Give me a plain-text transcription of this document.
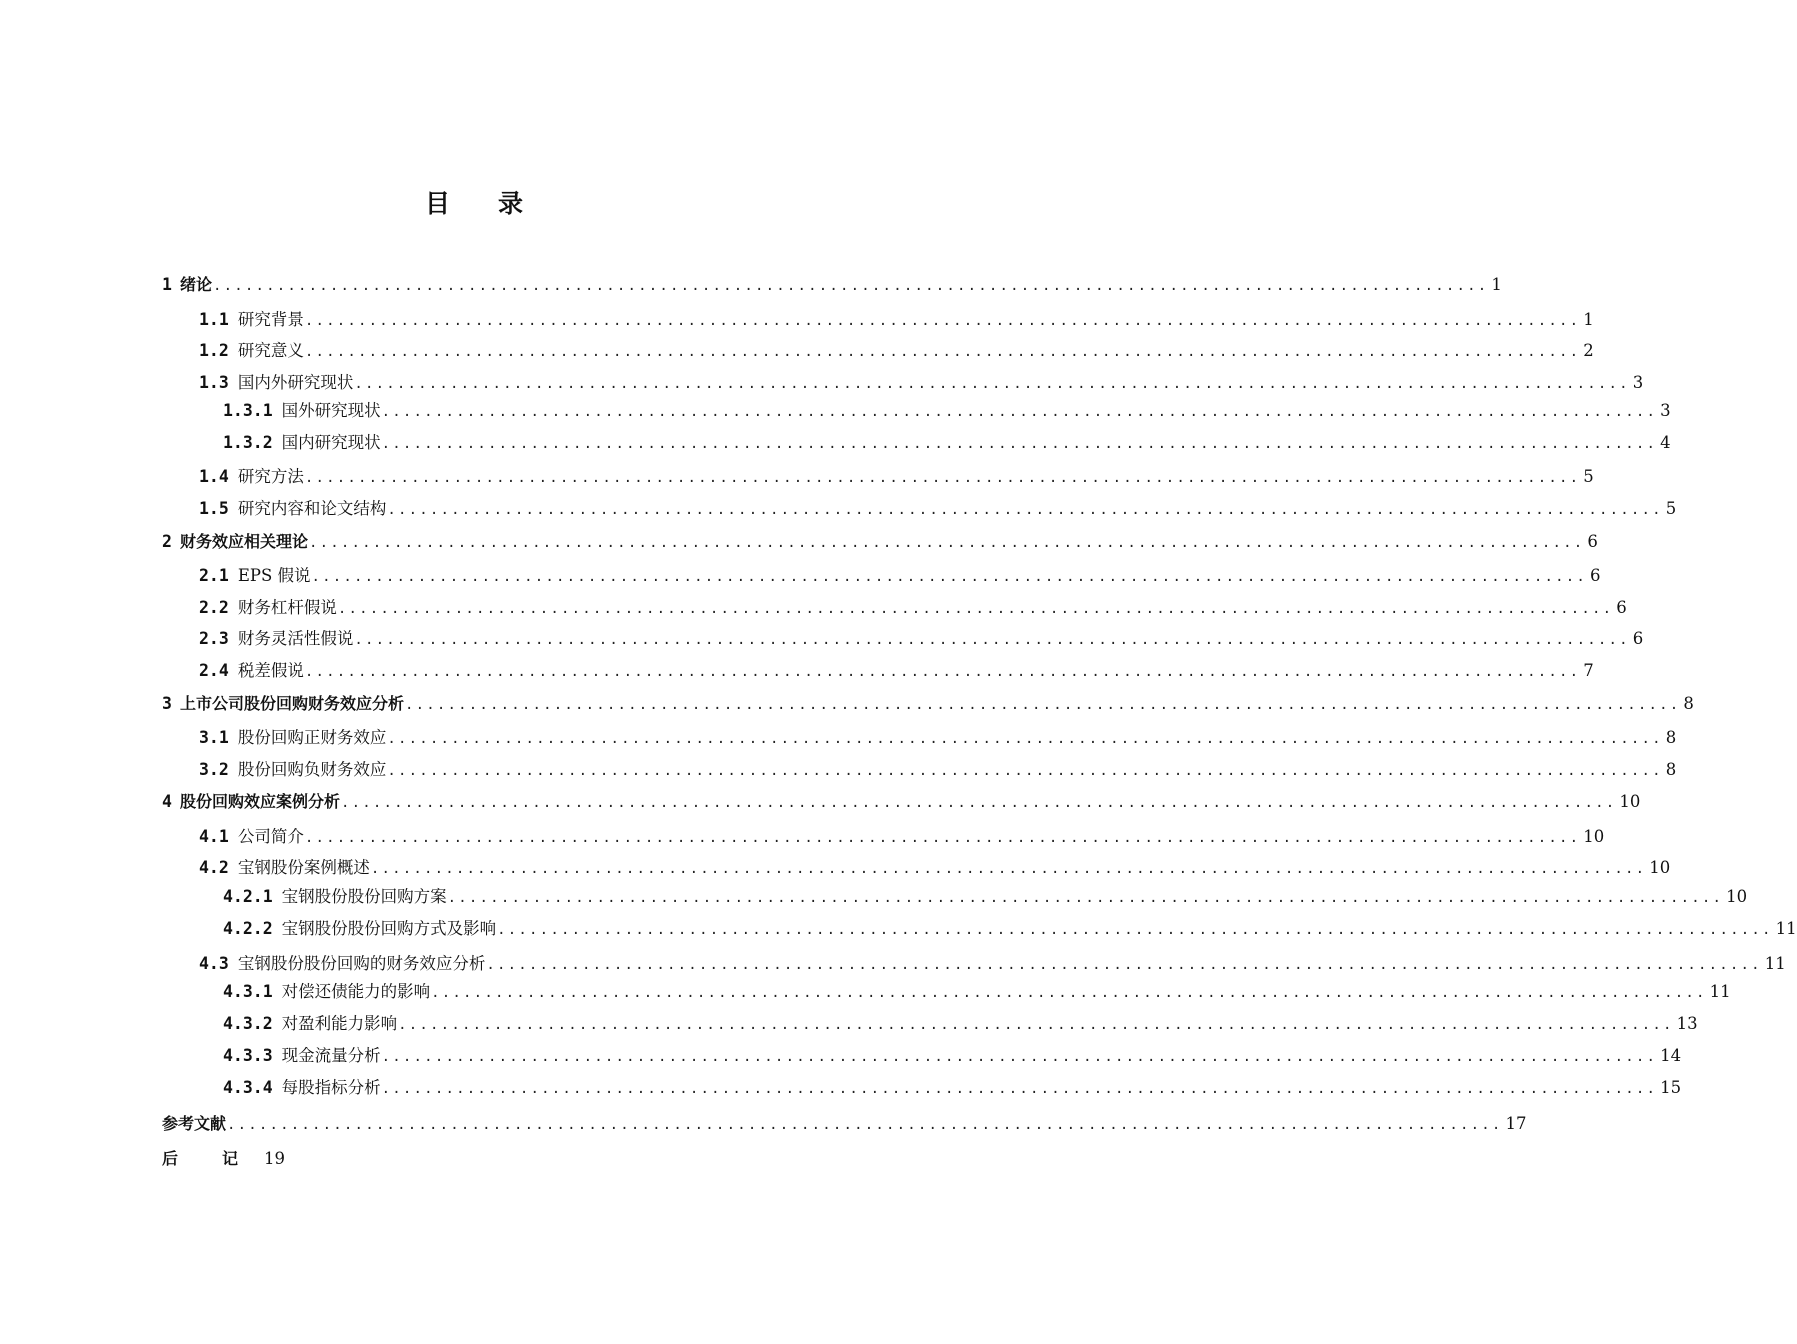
目 录
1 绪论 ........................................................................................................................ 1
1.1 研究背景 ........................................................................................................................ 1
1.2 研究意义 ........................................................................................................................ 2
1.3 国内外研究现状 ........................................................................................................................ 3
1.3.1 国外研究现状 ........................................................................................................................ 3
1.3.2 国内研究现状 ........................................................................................................................ 4
1.4 研究方法 ........................................................................................................................ 5
1.5 研究内容和论文结构 ........................................................................................................................ 5
2 财务效应相关理论 ........................................................................................................................ 6
2.1 EPS 假说 ........................................................................................................................ 6
2.2 财务杠杆假说 ........................................................................................................................ 6
2.3 财务灵活性假说 ........................................................................................................................ 6
2.4 税差假说 ........................................................................................................................ 7
3 上市公司股份回购财务效应分析 ........................................................................................................................ 8
3.1 股份回购正财务效应 ........................................................................................................................ 8
3.2 股份回购负财务效应 ........................................................................................................................ 8
4 股份回购效应案例分析 ........................................................................................................................ 10
4.1 公司简介 ........................................................................................................................ 10
4.2 宝钢股份案例概述 ........................................................................................................................ 10
4.2.1 宝钢股份股份回购方案 ........................................................................................................................ 10
4.2.2 宝钢股份股份回购方式及影响 ........................................................................................................................ 11
4.3 宝钢股份股份回购的财务效应分析 ........................................................................................................................ 11
4.3.1 对偿还债能力的影响 ........................................................................................................................ 11
4.3.2 对盈利能力影响 ........................................................................................................................ 13
4.3.3 现金流量分析 ........................................................................................................................ 14
4.3.4 每股指标分析 ........................................................................................................................ 15
参考文献 ........................................................................................................................ 17
后	记 19
